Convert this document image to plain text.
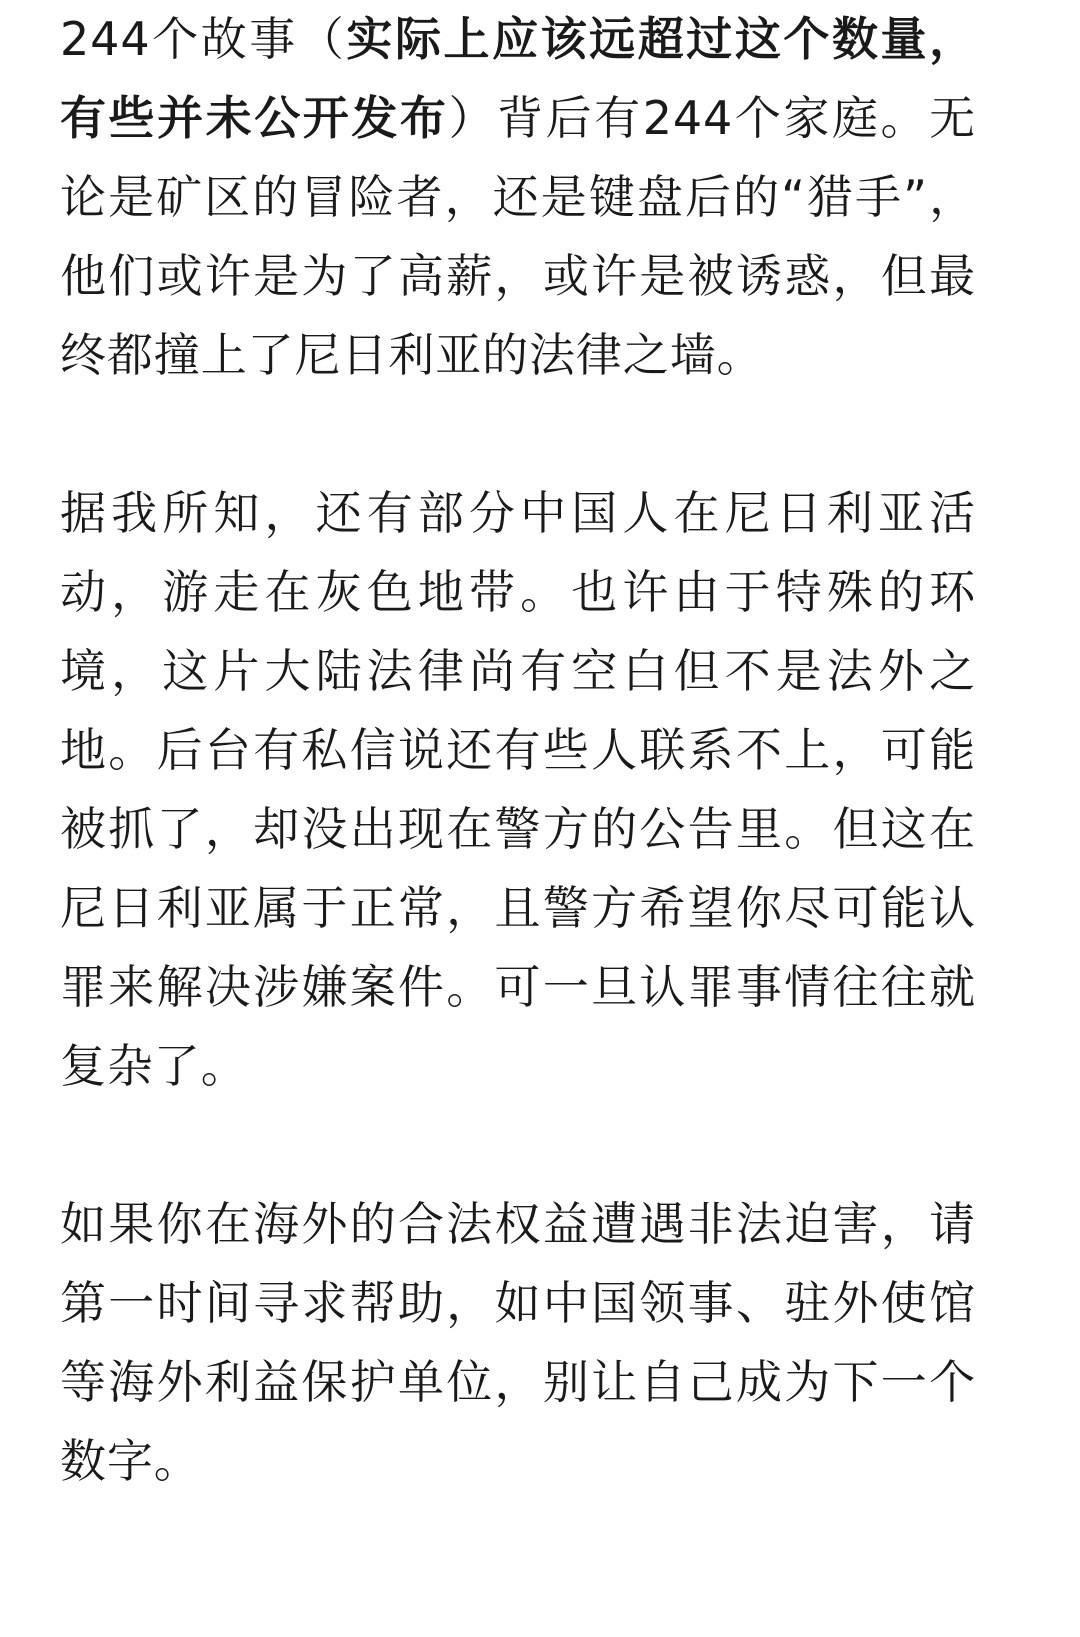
244个故事（实际上应该远超过这个数量，有些并未公开发布）背后有244个家庭。无论是矿区的冒险者，还是键盘后的“猎手”，他们或许是为了高薪，或许是被诱惑，但最终都撞上了尼日利亚的法律之墙。

据我所知，还有部分中国人在尼日利亚活动，游走在灰色地带。也许由于特殊的环境，这片大陆法律尚有空白但不是法外之地。后台有私信说还有些人联系不上，可能被抓了，却没出现在警方的公告里。但这在尼日利亚属于正常，且警方希望你尽可能认罪来解决涉嫌案件。可一旦认罪事情往往就复杂了。

如果你在海外的合法权益遭遇非法迫害，请第一时间寻求帮助，如中国领事、驻外使馆等海外利益保护单位，别让自己成为下一个数字。
